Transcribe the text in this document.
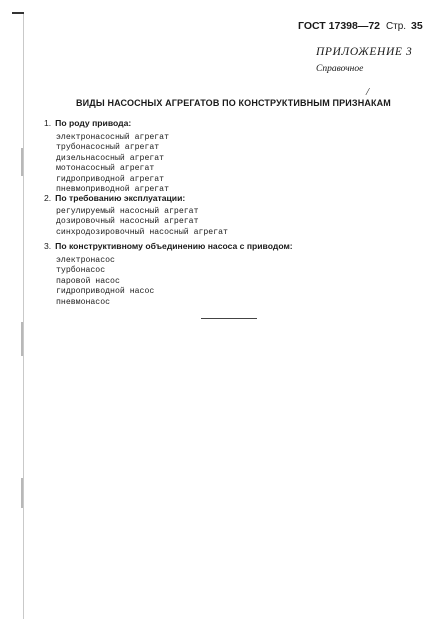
ГОСТ 17398—72 Стр. 35
ПРИЛОЖЕНИЕ 3
Справочное
/
ВИДЫ НАСОСНЫХ АГРЕГАТОВ ПО КОНСТРУКТИВНЫМ ПРИЗНАКАМ
1. По роду привода:
электронасосный агрегат
трубонасосный агрегат
дизельнасосный агрегат
мотонасосный агрегат
гидроприводной агрегат
пневмоприводной агрегат
2. По требованию эксплуатации:
регулируемый насосный агрегат
дозировочный насосный агрегат
синхродозировочный насосный агрегат
3. По конструктивному объединению насоса с приводом:
электронасос
турбонасос
паровой насос
гидроприводной насос
пневмонасос
